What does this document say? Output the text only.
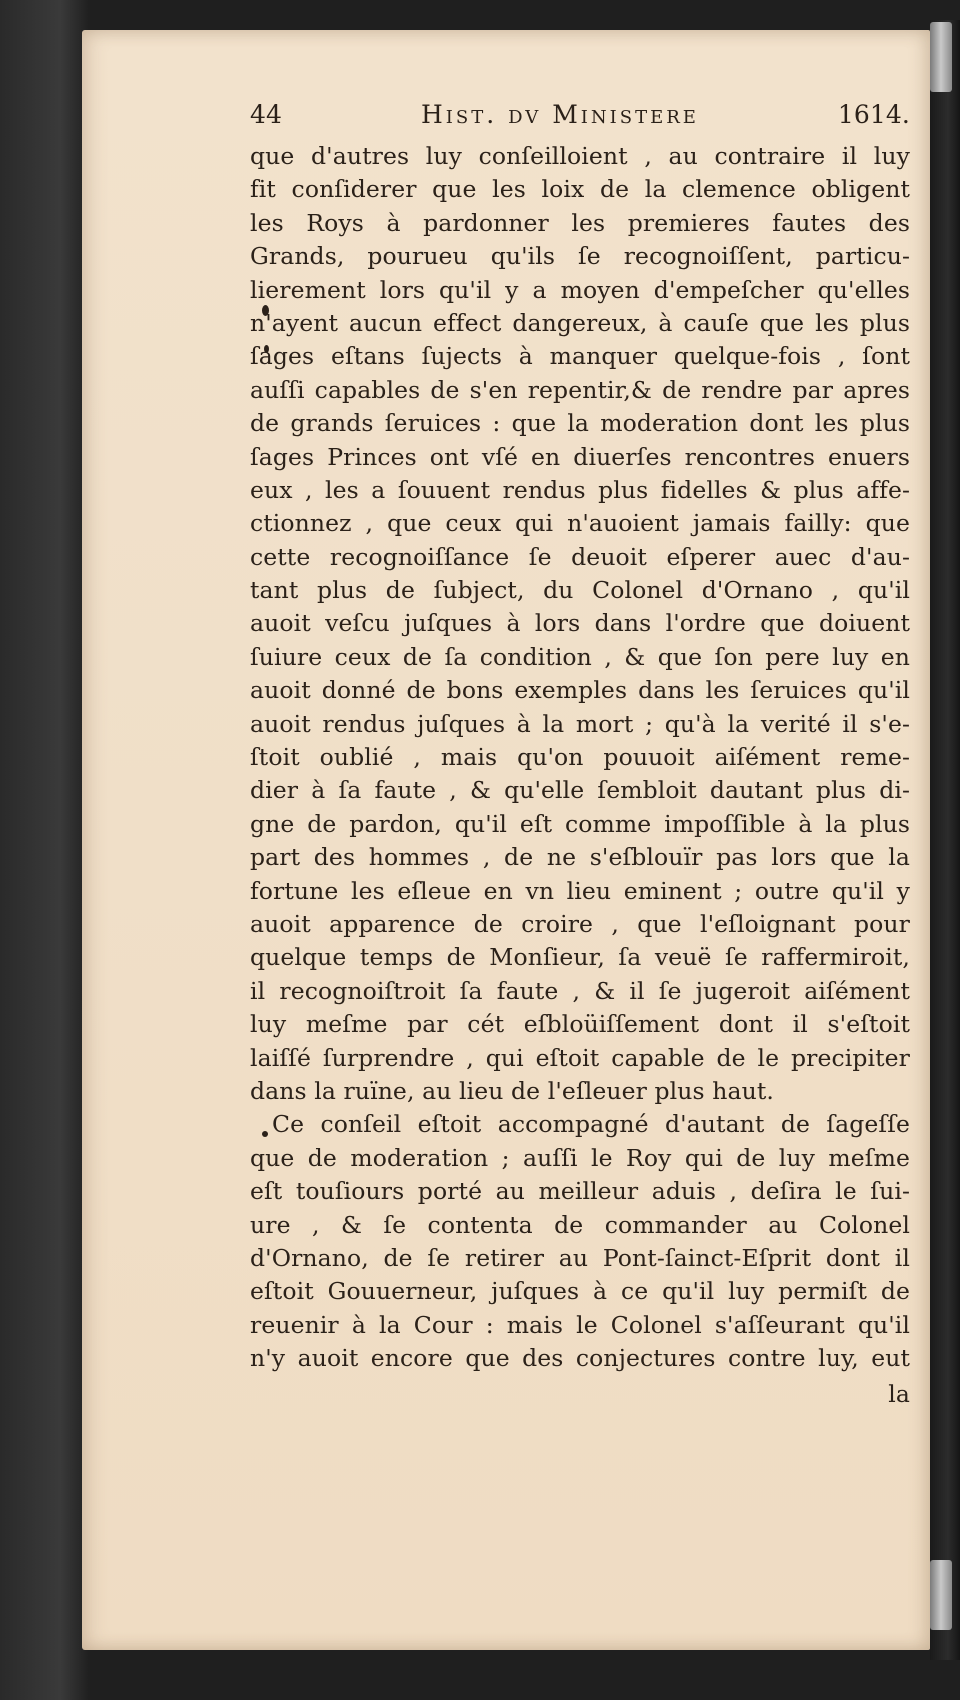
44	Hist. dv Ministere	1614.
que d'autres luy conſeilloient , au contraire il luy
fit conſiderer que les loix de la clemence obligent
les Roys à pardonner les premieres fautes des
Grands, pourueu qu'ils ſe recognoiſſent, particu-
lierement lors qu'il y a moyen d'empeſcher qu'elles
n'ayent aucun effect dangereux, à cauſe que les plus
ſages eſtans ſujects à manquer quelque-fois , ſont
auſſi capables de s'en repentir,& de rendre par apres
de grands ſeruices : que la moderation dont les plus
ſages Princes ont vſé en diuerſes rencontres enuers
eux , les a ſouuent rendus plus fidelles & plus affe-
ctionnez , que ceux qui n'auoient jamais failly: que
cette recognoiſſance ſe deuoit eſperer auec d'au-
tant plus de ſubject, du Colonel d'Ornano , qu'il
auoit veſcu juſques à lors dans l'ordre que doiuent
ſuiure ceux de ſa condition , & que ſon pere luy en
auoit donné de bons exemples dans les ſeruices qu'il
auoit rendus juſques à la mort ; qu'à la verité il s'e-
ſtoit oublié , mais qu'on pouuoit aiſément reme-
dier à ſa faute , & qu'elle ſembloit dautant plus di-
gne de pardon, qu'il eſt comme impoſſible à la plus
part des hommes , de ne s'eſblouïr pas lors que la
fortune les eſleue en vn lieu eminent ; outre qu'il y
auoit apparence de croire , que l'eſloignant pour
quelque temps de Monſieur, ſa veuë ſe raffermiroit,
il recognoiſtroit ſa faute , & il ſe jugeroit aiſément
luy meſme par cét eſbloüiſſement dont il s'eſtoit
laiſſé ſurprendre , qui eſtoit capable de le precipiter
dans la ruïne, au lieu de l'eſleuer plus haut.
Ce conſeil eſtoit accompagné d'autant de ſageſſe
que de moderation ; auſſi le Roy qui de luy meſme
eſt touſiours porté au meilleur aduis , deſira le ſui-
ure , & ſe contenta de commander au Colonel
d'Ornano, de ſe retirer au Pont-ſainct-Eſprit dont il
eſtoit Gouuerneur, juſques à ce qu'il luy permiſt de
reuenir à la Cour : mais le Colonel s'aſſeurant qu'il
n'y auoit encore que des conjectures contre luy, eut
la
